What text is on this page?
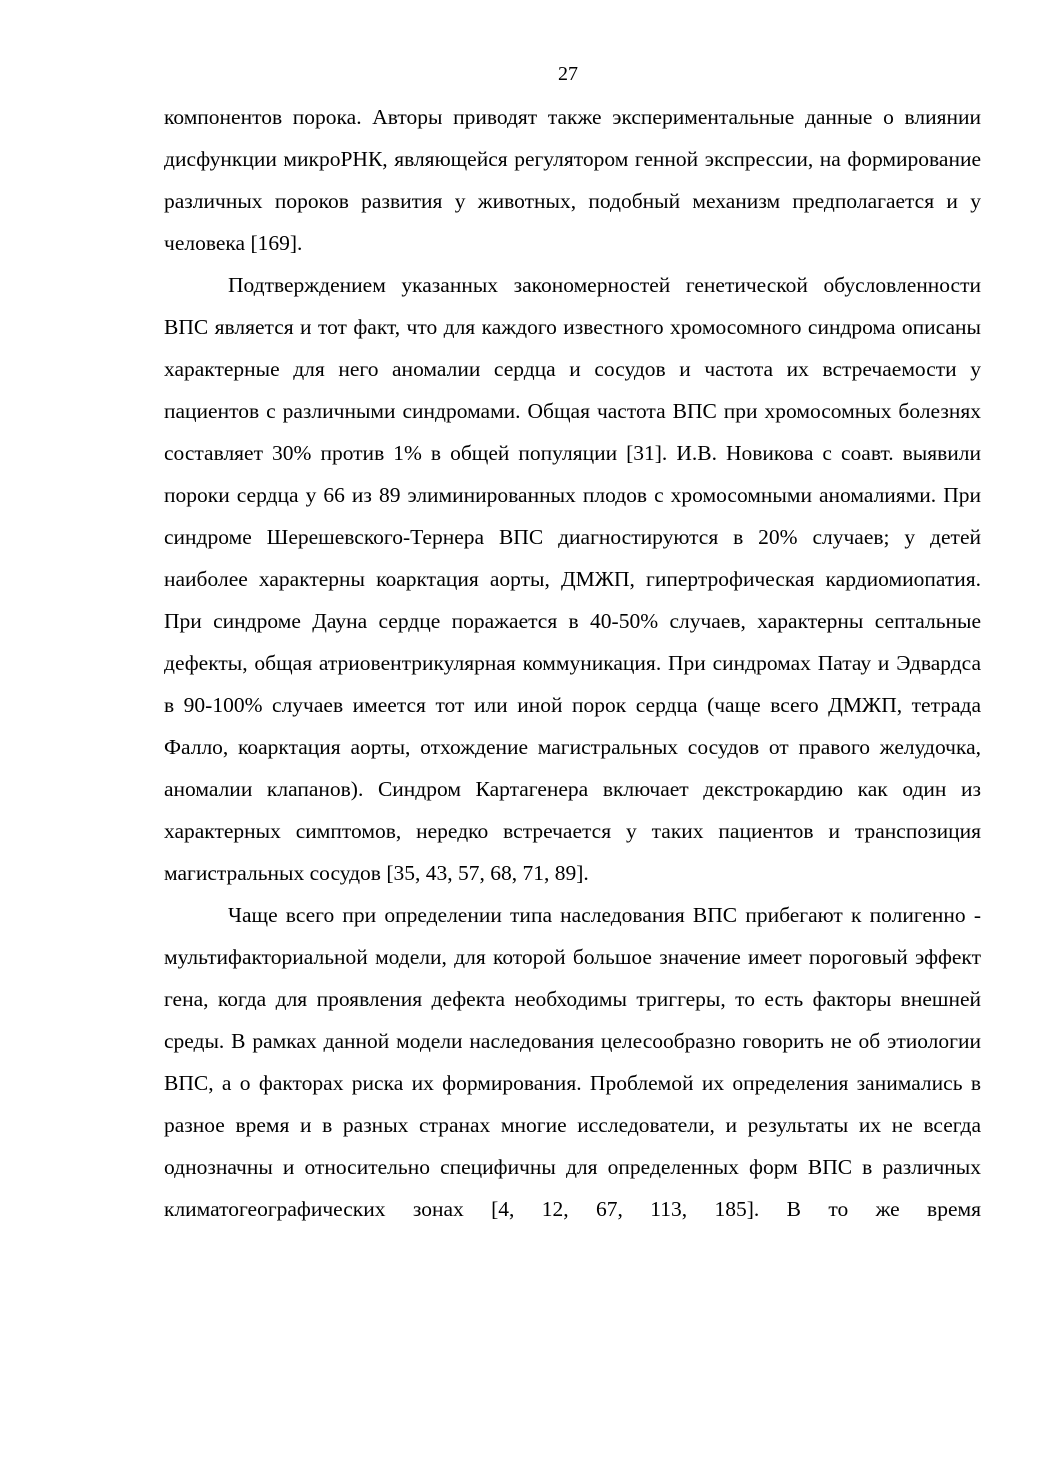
27

компонентов порока. Авторы приводят также экспериментальные данные о влиянии дисфункции микроРНК, являющейся регулятором генной экспрессии, на формирование различных пороков развития у животных, подобный механизм предполагается и у человека [169].

Подтверждением указанных закономерностей генетической обусловленности ВПС является и тот факт, что для каждого известного хромосомного синдрома описаны характерные для него аномалии сердца и сосудов и частота их встречаемости у пациентов с различными синдромами. Общая частота ВПС при хромосомных болезнях составляет 30% против 1% в общей популяции [31]. И.В. Новикова с соавт. выявили пороки сердца у 66 из 89 элиминированных плодов с хромосомными аномалиями. При синдроме Шерешевского-Тернера ВПС диагностируются в 20% случаев; у детей наиболее характерны коарктация аорты, ДМЖП, гипертрофическая кардиомиопатия. При синдроме Дауна сердце поражается в 40-50% случаев, характерны септальные дефекты, общая атриовентрикулярная коммуникация. При синдромах Патау и Эдвардса в 90-100% случаев имеется тот или иной порок сердца (чаще всего ДМЖП, тетрада Фалло, коарктация аорты, отхождение магистральных сосудов от правого желудочка, аномалии клапанов). Синдром Картагенера включает декстрокардию как один из характерных симптомов, нередко встречается у таких пациентов и транспозиция магистральных сосудов [35, 43, 57, 68, 71, 89].

Чаще всего при определении типа наследования ВПС прибегают к полигенно - мультифакториальной модели, для которой большое значение имеет пороговый эффект гена, когда для проявления дефекта необходимы триггеры, то есть факторы внешней среды. В рамках данной модели наследования целесообразно говорить не об этиологии ВПС, а о факторах риска их формирования. Проблемой их определения занимались в разное время и в разных странах многие исследователи, и результаты их не всегда однозначны и относительно специфичны для определенных форм ВПС в различных климатогеографических зонах [4, 12, 67, 113, 185]. В то же время
